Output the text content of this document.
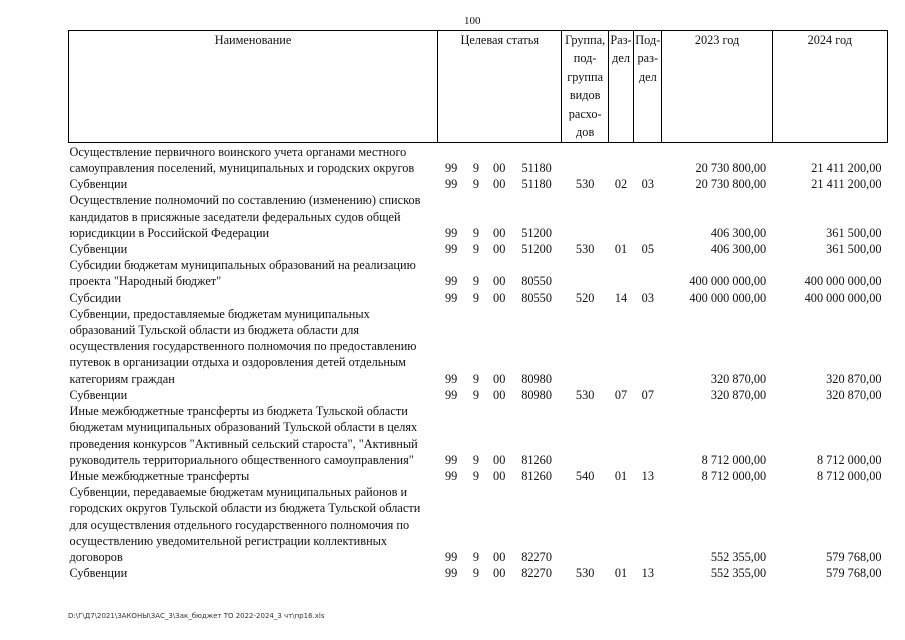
100
Наименование	Целевая статья				Группа, под-группа видов расхо-дов	Раз-дел	Под-раз-дел	2023 год	2024 год
Осуществление первичного воинского учета органами местного самоуправления поселений, муниципальных и городских округов	99	9	00	51180				20 730 800,00	21 411 200,00
Субвенции	99	9	00	51180	530	02	03	20 730 800,00	21 411 200,00
Осуществление полномочий по составлению (изменению) списков кандидатов в присяжные заседатели федеральных судов общей юрисдикции в Российской Федерации	99	9	00	51200				406 300,00	361 500,00
Субвенции	99	9	00	51200	530	01	05	406 300,00	361 500,00
Субсидии бюджетам муниципальных образований на реализацию проекта "Народный бюджет"	99	9	00	80550				400 000 000,00	400 000 000,00
Субсидии	99	9	00	80550	520	14	03	400 000 000,00	400 000 000,00
Субвенции, предоставляемые бюджетам муниципальных образований Тульской области из бюджета области для осуществления государственного полномочия по предоставлению путевок в организации отдыха и оздоровления детей отдельным категориям граждан	99	9	00	80980				320 870,00	320 870,00
Субвенции	99	9	00	80980	530	07	07	320 870,00	320 870,00
Иные межбюджетные трансферты из бюджета Тульской области бюджетам муниципальных образований Тульской области в целях проведения конкурсов "Активный сельский староста", "Активный руководитель территориального общественного самоуправления"	99	9	00	81260				8 712 000,00	8 712 000,00
Иные межбюджетные трансферты	99	9	00	81260	540	01	13	8 712 000,00	8 712 000,00
Субвенции, передаваемые бюджетам муниципальных районов и городских округов Тульской области из бюджета Тульской области для осуществления отдельного государственного полномочия по осуществлению уведомительной регистрации коллективных договоров	99	9	00	82270				552 355,00	579 768,00
Субвенции	99	9	00	82270	530	01	13	552 355,00	579 768,00
D:\Г\Д7\2021\ЗАКОНЫ\ЗАС_3\Зак_бюджет ТО 2022-2024_3 чт\пр16.xls
